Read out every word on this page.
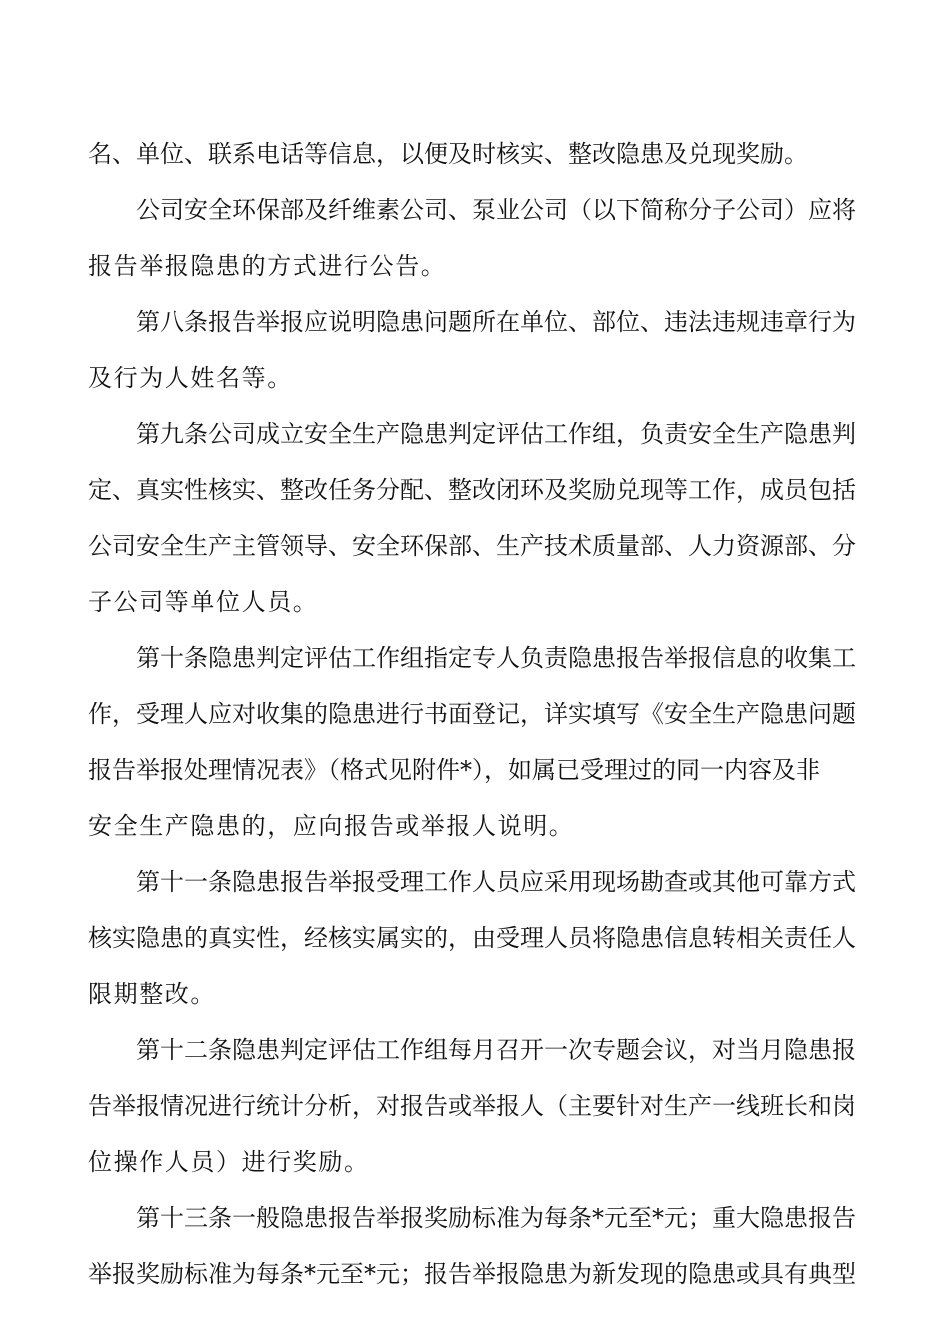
名、单位、联系电话等信息，以便及时核实、整改隐患及兑现奖励。
公司安全环保部及纤维素公司、泵业公司（以下简称分子公司）应将
报告举报隐患的方式进行公告。
第八条报告举报应说明隐患问题所在单位、部位、违法违规违章行为
及行为人姓名等。
第九条公司成立安全生产隐患判定评估工作组，负责安全生产隐患判
定、真实性核实、整改任务分配、整改闭环及奖励兑现等工作，成员包括
公司安全生产主管领导、安全环保部、生产技术质量部、人力资源部、分
子公司等单位人员。
第十条隐患判定评估工作组指定专人负责隐患报告举报信息的收集工
作，受理人应对收集的隐患进行书面登记，详实填写《安全生产隐患问题
报告举报处理情况表》（格式见附件*），如属已受理过的同一内容及非
安全生产隐患的，应向报告或举报人说明。
第十一条隐患报告举报受理工作人员应采用现场勘查或其他可靠方式
核实隐患的真实性，经核实属实的，由受理人员将隐患信息转相关责任人
限期整改。
第十二条隐患判定评估工作组每月召开一次专题会议，对当月隐患报
告举报情况进行统计分析，对报告或举报人（主要针对生产一线班长和岗
位操作人员）进行奖励。
第十三条一般隐患报告举报奖励标准为每条*元至*元；重大隐患报告
举报奖励标准为每条*元至*元；报告举报隐患为新发现的隐患或具有典型
